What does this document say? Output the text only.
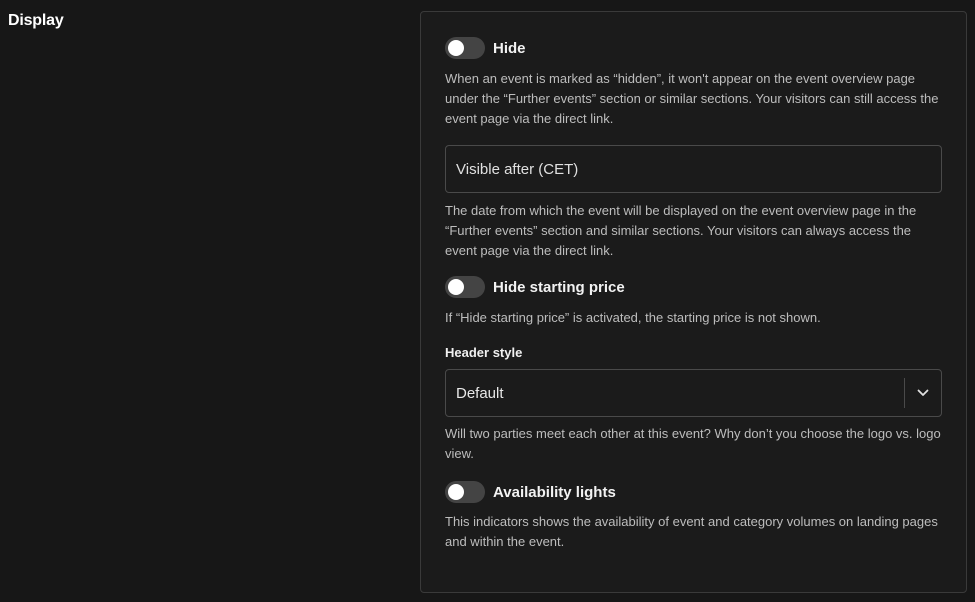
Display
Hide
When an event is marked as “hidden”, it won't appear on the event overview page under the “Further events” section or similar sections. Your visitors can still access the event page via the direct link.
Visible after (CET)
The date from which the event will be displayed on the event overview page in the “Further events” section and similar sections. Your visitors can always access the event page via the direct link.
Hide starting price
If “Hide starting price” is activated, the starting price is not shown.
Header style
Default
Will two parties meet each other at this event? Why don’t you choose the logo vs. logo view.
Availability lights
This indicators shows the availability of event and category volumes on landing pages and within the event.
